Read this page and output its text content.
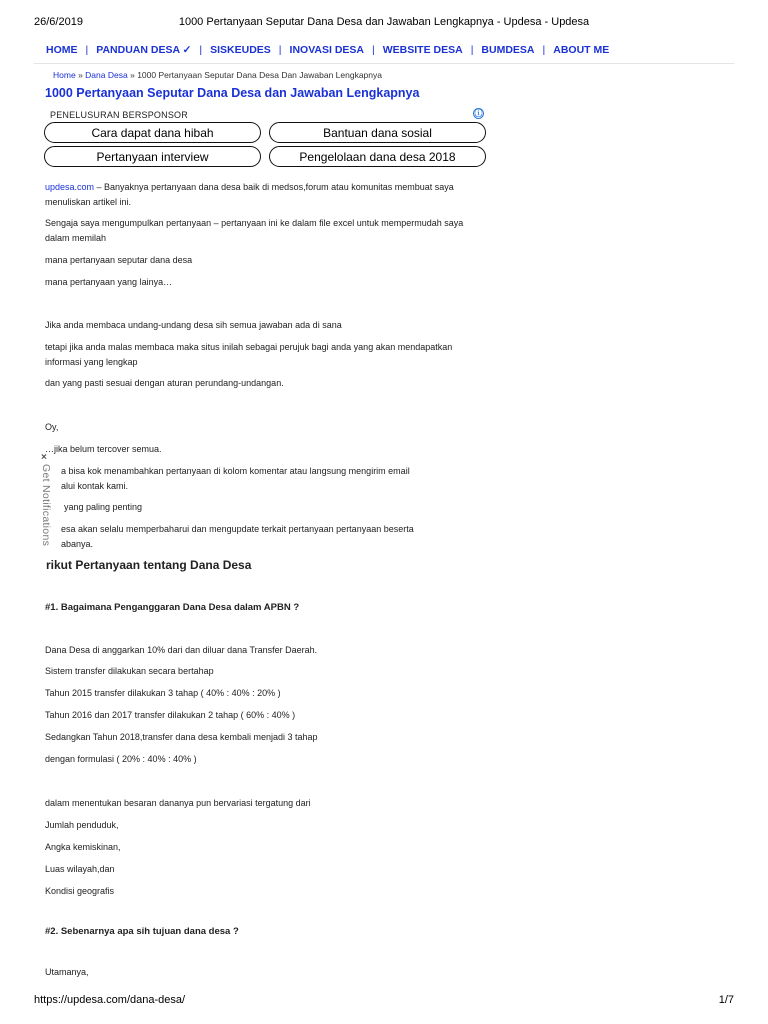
26/6/2019	1000 Pertanyaan Seputar Dana Desa dan Jawaban Lengkapnya - Updesa - Updesa
HOME | PANDUAN DESA ✓ | SISKEUDES | INOVASI DESA | WEBSITE DESA | BUMDESA | ABOUT ME
Home » Dana Desa » 1000 Pertanyaan Seputar Dana Desa Dan Jawaban Lengkapnya
1000 Pertanyaan Seputar Dana Desa dan Jawaban Lengkapnya
PENELUSURAN BERSPONSOR	ⓘ
Cara dapat dana hibah	Bantuan dana sosial
Pertanyaan interview	Pengelolaan dana desa 2018
updesa.com – Banyaknya pertanyaan dana desa baik di medsos,forum atau komunitas membuat saya menuliskan artikel ini.
Sengaja saya mengumpulkan pertanyaan – pertanyaan ini ke dalam file excel untuk mempermudah saya dalam memilah
mana pertanyaan seputar dana desa
mana pertanyaan yang lainya…
Jika anda membaca undang-undang desa sih semua jawaban ada di sana
tetapi jika anda malas membaca maka situs inilah sebagai perujuk bagi anda yang akan mendapatkan informasi yang lengkap
dan yang pasti sesuai dengan aturan perundang-undangan.
Oy,
…jika belum tercover semua.
a bisa kok menambahkan pertanyaan di kolom komentar atau langsung mengirim email
alui kontak kami.
yang paling penting
esa akan selalu memperbaharui dan mengupdate terkait pertanyaan pertanyaan beserta
abanya.
×
Get Notifications
rikut Pertanyaan tentang Dana Desa
#1. Bagaimana Penganggaran Dana Desa dalam APBN ?
Dana Desa di anggarkan 10% dari dan diluar dana Transfer Daerah.
Sistem transfer dilakukan secara bertahap
Tahun 2015 transfer dilakukan 3 tahap ( 40% : 40% : 20% )
Tahun 2016 dan 2017 transfer dilakukan 2 tahap ( 60% : 40% )
Sedangkan Tahun 2018,transfer dana desa kembali menjadi 3 tahap
dengan formulasi ( 20% : 40% : 40% )
dalam menentukan besaran dananya pun bervariasi tergatung dari
Jumlah penduduk,
Angka kemiskinan,
Luas wilayah,dan
Kondisi geografis
#2. Sebenarnya apa sih tujuan dana desa ?
Utamanya,
https://updesa.com/dana-desa/	1/7
